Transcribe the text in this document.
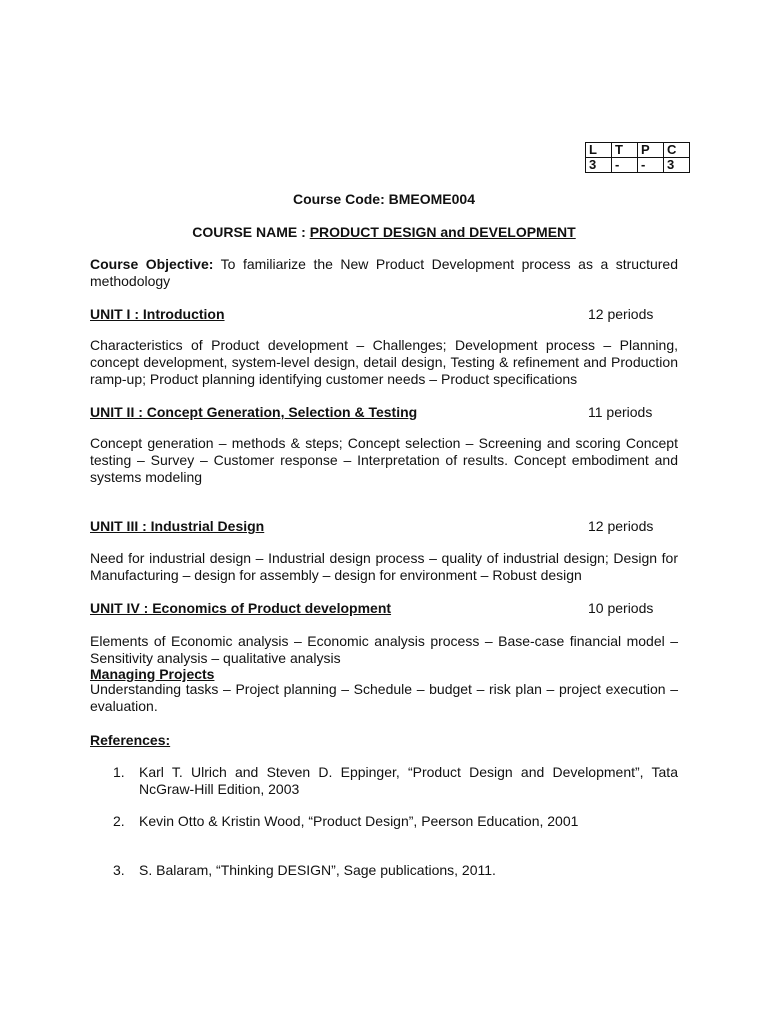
L	T	P	C
3	-	-	3
Course Code: BMEOME004
COURSE NAME : PRODUCT DESIGN and DEVELOPMENT
Course Objective: To familiarize the New Product Development process as a structured
methodology
UNIT I : Introduction	12 periods
Characteristics of Product development – Challenges; Development process – Planning,
concept development, system-level design, detail design, Testing & refinement and Production
ramp-up; Product planning identifying customer needs – Product specifications
UNIT II : Concept Generation, Selection & Testing	11 periods
Concept generation – methods & steps; Concept selection – Screening and scoring Concept
testing – Survey – Customer response – Interpretation of results. Concept embodiment and
systems modeling
UNIT III : Industrial Design	12 periods
Need for industrial design – Industrial design process – quality of industrial design; Design for
Manufacturing – design for assembly – design for environment – Robust design
UNIT IV : Economics of Product development	10 periods
Elements of Economic analysis – Economic analysis process – Base-case financial model –
Sensitivity analysis – qualitative analysis
Managing Projects
Understanding tasks – Project planning – Schedule – budget – risk plan – project execution –
evaluation.
References:
1. Karl T. Ulrich and Steven D. Eppinger, “Product Design and Development”, Tata
NcGraw-Hill Edition, 2003
2. Kevin Otto & Kristin Wood, “Product Design”, Peerson Education, 2001
3. S. Balaram, “Thinking DESIGN”, Sage publications, 2011.
